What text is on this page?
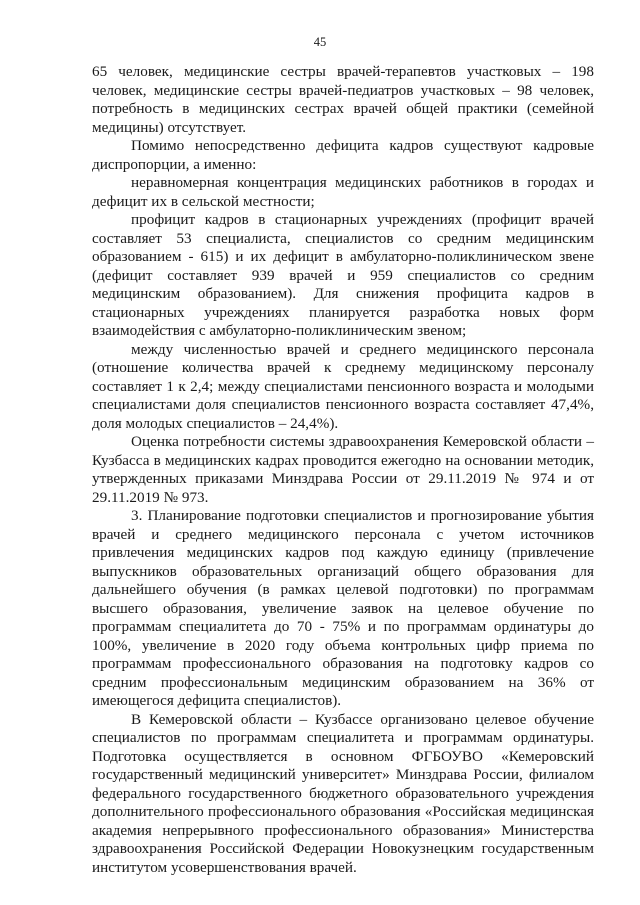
45

65 человек, медицинские сестры врачей-терапевтов участковых – 198 человек, медицинские сестры врачей-педиатров участковых – 98 человек, потребность в медицинских сестрах врачей общей практики (семейной медицины) отсутствует.

Помимо непосредственно дефицита кадров существуют кадровые диспропорции, а именно:

неравномерная концентрация медицинских работников в городах и дефицит их в сельской местности;

профицит кадров в стационарных учреждениях (профицит врачей составляет 53 специалиста, специалистов со средним медицинским образованием - 615) и их дефицит в амбулаторно-поликлиническом звене (дефицит составляет 939 врачей и 959 специалистов со средним медицинским образованием). Для снижения профицита кадров в стационарных учреждениях планируется разработка новых форм взаимодействия с амбулаторно-поликлиническим звеном;

между численностью врачей и среднего медицинского персонала (отношение количества врачей к среднему медицинскому персоналу составляет 1 к 2,4; между специалистами пенсионного возраста и молодыми специалистами доля специалистов пенсионного возраста составляет 47,4%, доля молодых специалистов – 24,4%).

Оценка потребности системы здравоохранения Кемеровской области – Кузбасса в медицинских кадрах проводится ежегодно на основании методик, утвержденных приказами Минздрава России от 29.11.2019 № 974 и от 29.11.2019 № 973.

3. Планирование подготовки специалистов и прогнозирование убытия врачей и среднего медицинского персонала с учетом источников привлечения медицинских кадров под каждую единицу (привлечение выпускников образовательных организаций общего образования для дальнейшего обучения (в рамках целевой подготовки) по программам высшего образования, увеличение заявок на целевое обучение по программам специалитета до 70 - 75% и по программам ординатуры до 100%, увеличение в 2020 году объема контрольных цифр приема по программам профессионального образования на подготовку кадров со средним профессиональным медицинским образованием на 36% от имеющегося дефицита специалистов).

В Кемеровской области – Кузбассе организовано целевое обучение специалистов по программам специалитета и программам ординатуры. Подготовка осуществляется в основном ФГБОУВО «Кемеровский государственный медицинский университет» Минздрава России, филиалом федерального государственного бюджетного образовательного учреждения дополнительного профессионального образования «Российская медицинская академия непрерывного профессионального образования» Министерства здравоохранения Российской Федерации Новокузнецким государственным институтом усовершенствования врачей.
